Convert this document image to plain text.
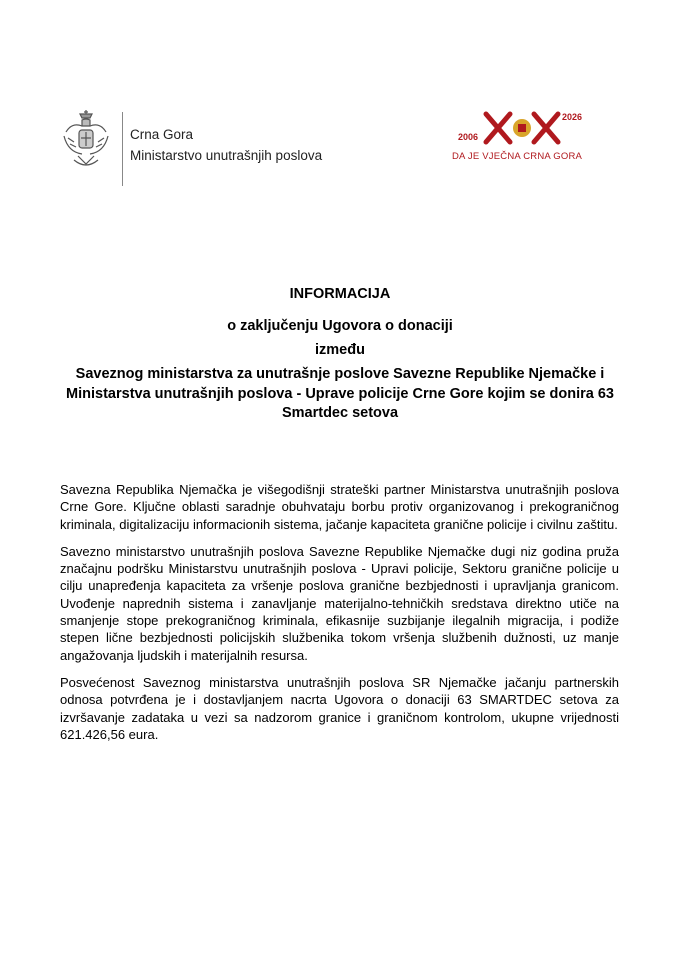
Crna Gora
Ministarstvo unutrašnjih poslova
2006
2026
DA JE VJEČNA CRNA GORA
INFORMACIJA
o zaključenju Ugovora o donaciji
između
Saveznog ministarstva za unutrašnje poslove Savezne Republike Njemačke i Ministarstva unutrašnjih poslova - Uprave policije Crne Gore kojim se donira 63 Smartdec setova

Savezna Republika Njemačka je višegodišnji strateški partner Ministarstva unutrašnjih poslova Crne Gore. Ključne oblasti saradnje obuhvataju borbu protiv organizovanog i prekograničnog kriminala, digitalizaciju informacionih sistema, jačanje kapaciteta granične policije i civilnu zaštitu.

Savezno ministarstvo unutrašnjih poslova Savezne Republike Njemačke dugi niz godina pruža značajnu podršku Ministarstvu unutrašnjih poslova - Upravi policije, Sektoru granične policije u cilju unapređenja kapaciteta za vršenje poslova granične bezbjednosti i upravljanja granicom. Uvođenje naprednih sistema i zanavljanje materijalno-tehničkih sredstava direktno utiče na smanjenje stope prekograničnog kriminala, efikasnije suzbijanje ilegalnih migracija, i podiže stepen lične bezbjednosti policijskih službenika tokom vršenja službenih dužnosti, uz manje angažovanja ljudskih i materijalnih resursa.

Posvećenost Saveznog ministarstva unutrašnjih poslova SR Njemačke jačanju partnerskih odnosa potvrđena je i dostavljanjem nacrta Ugovora o donaciji 63 SMARTDEC setova za izvršavanje zadataka u vezi sa nadzorom granice i graničnom kontrolom, ukupne vrijednosti 621.426,56 eura.
